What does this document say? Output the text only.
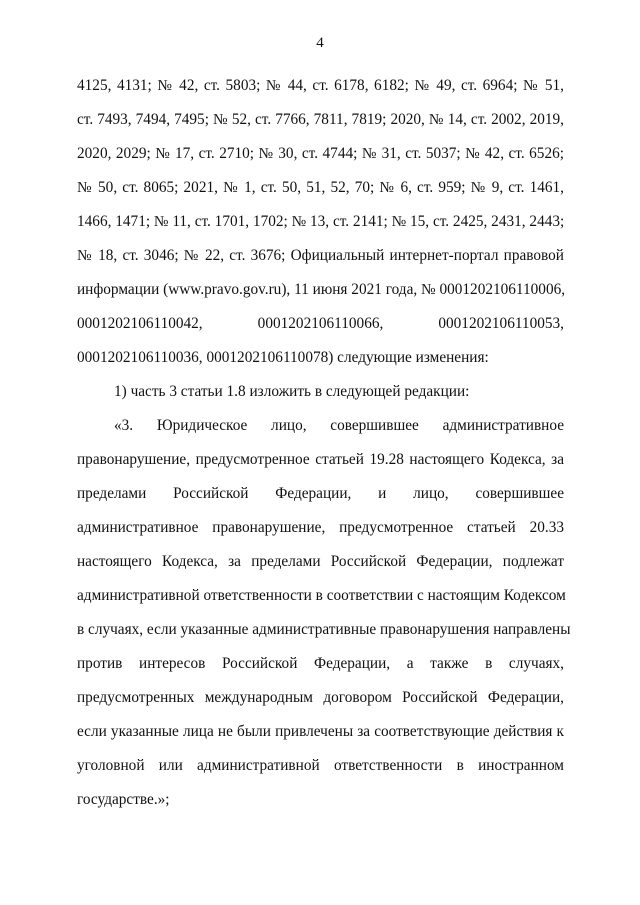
4
4125, 4131; № 42, ст. 5803; № 44, ст. 6178, 6182; № 49, ст. 6964; № 51,
ст. 7493, 7494, 7495; № 52, ст. 7766, 7811, 7819; 2020, № 14, ст. 2002, 2019,
2020, 2029; № 17, ст. 2710; № 30, ст. 4744; № 31, ст. 5037; № 42, ст. 6526;
№ 50, ст. 8065; 2021, № 1, ст. 50, 51, 52, 70; № 6, ст. 959; № 9, ст. 1461,
1466, 1471; № 11, ст. 1701, 1702; № 13, ст. 2141; № 15, ст. 2425, 2431, 2443;
№ 18, ст. 3046; № 22, ст. 3676; Официальный интернет-портал правовой
информации (www.pravo.gov.ru), 11 июня 2021 года, № 0001202106110006,
0001202106110042, 0001202106110066, 0001202106110053,
0001202106110036, 0001202106110078) следующие изменения:
1) часть 3 статьи 1.8 изложить в следующей редакции:
«3. Юридическое лицо, совершившее административное
правонарушение, предусмотренное статьей 19.28 настоящего Кодекса, за
пределами Российской Федерации, и лицо, совершившее
административное правонарушение, предусмотренное статьей 20.33
настоящего Кодекса, за пределами Российской Федерации, подлежат
административной ответственности в соответствии с настоящим Кодексом
в случаях, если указанные административные правонарушения направлены
против интересов Российской Федерации, а также в случаях,
предусмотренных международным договором Российской Федерации,
если указанные лица не были привлечены за соответствующие действия к
уголовной или административной ответственности в иностранном
государстве.»;
